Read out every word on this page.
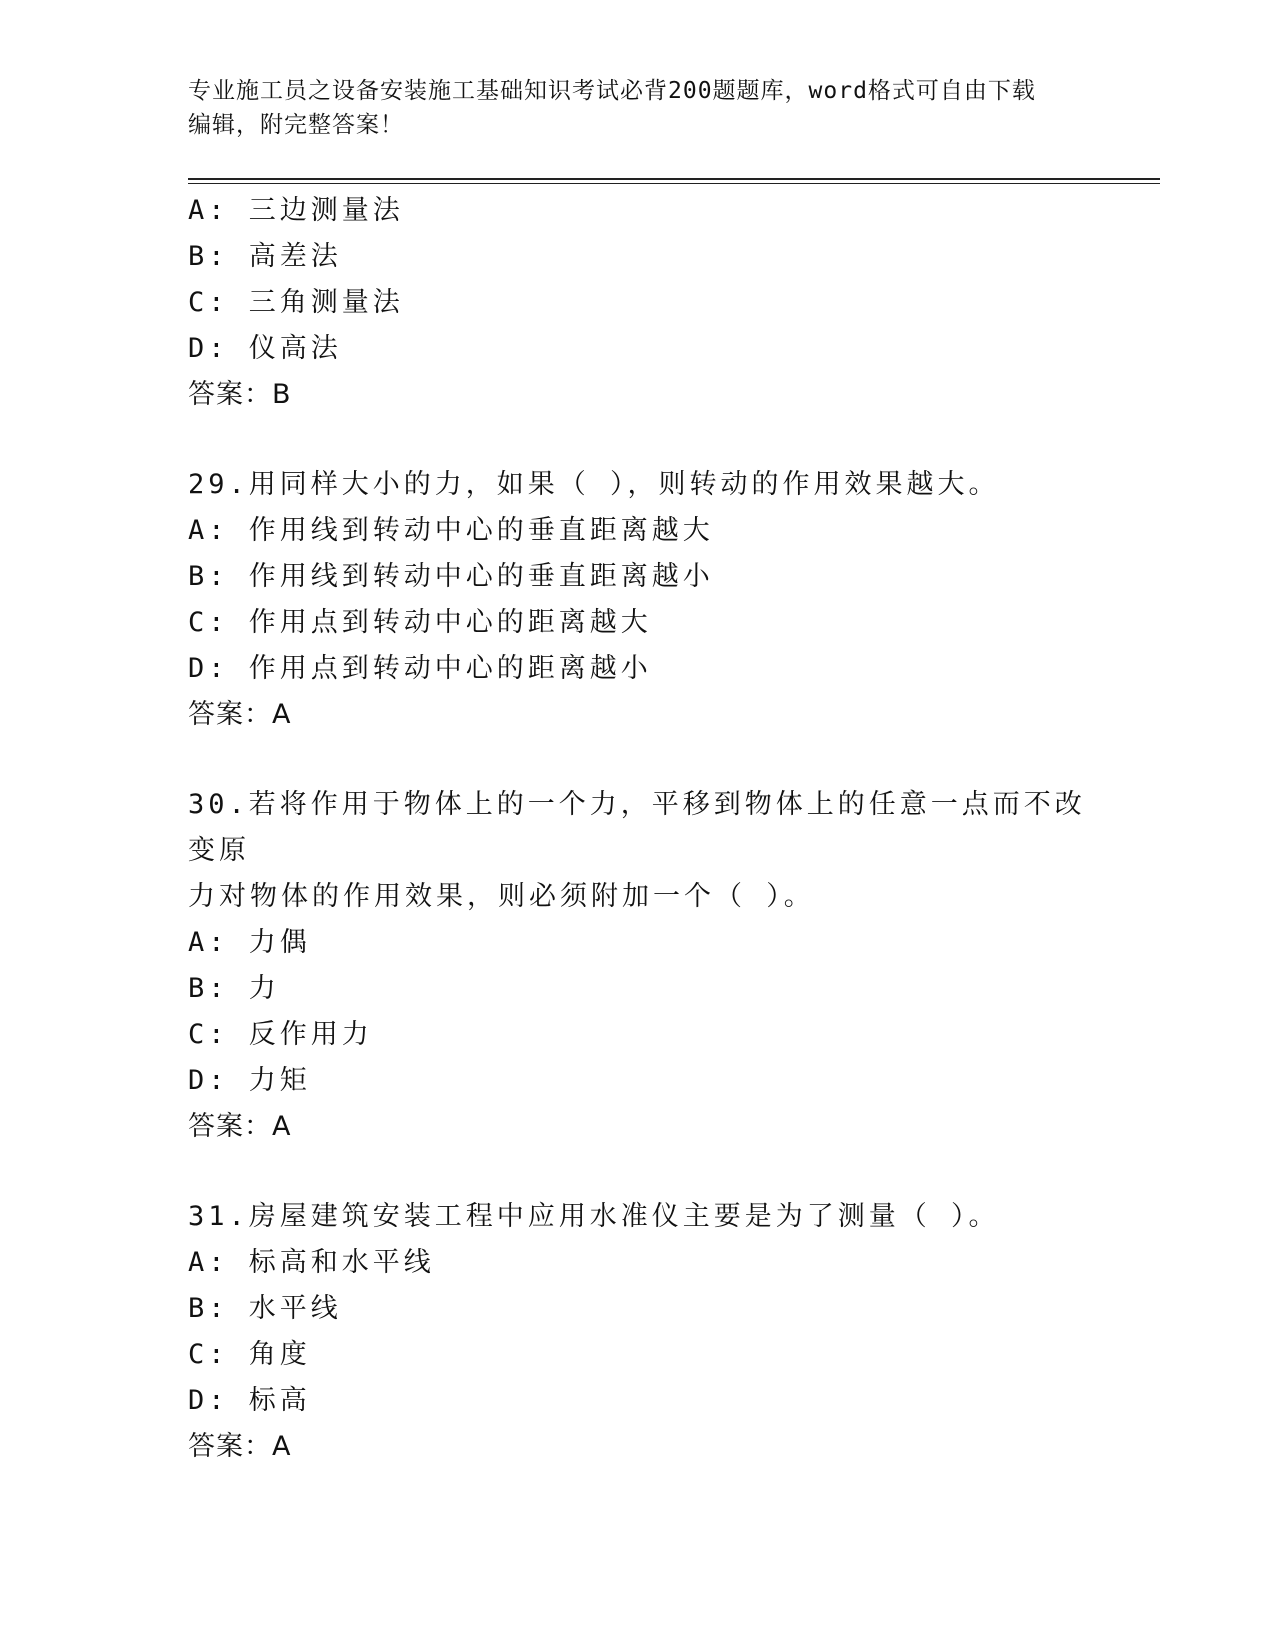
专业施工员之设备安装施工基础知识考试必背200题题库，word格式可自由下载
编辑，附完整答案！
A: 三边测量法
B: 高差法
C: 三角测量法
D: 仪高法
答案：B
29.用同样大小的力，如果（ ），则转动的作用效果越大。
A: 作用线到转动中心的垂直距离越大
B: 作用线到转动中心的垂直距离越小
C: 作用点到转动中心的距离越大
D: 作用点到转动中心的距离越小
答案：A
30.若将作用于物体上的一个力，平移到物体上的任意一点而不改变原
力对物体的作用效果，则必须附加一个（ ）。
A: 力偶
B: 力
C: 反作用力
D: 力矩
答案：A
31.房屋建筑安装工程中应用水准仪主要是为了测量（ ）。
A: 标高和水平线
B: 水平线
C: 角度
D: 标高
答案：A
